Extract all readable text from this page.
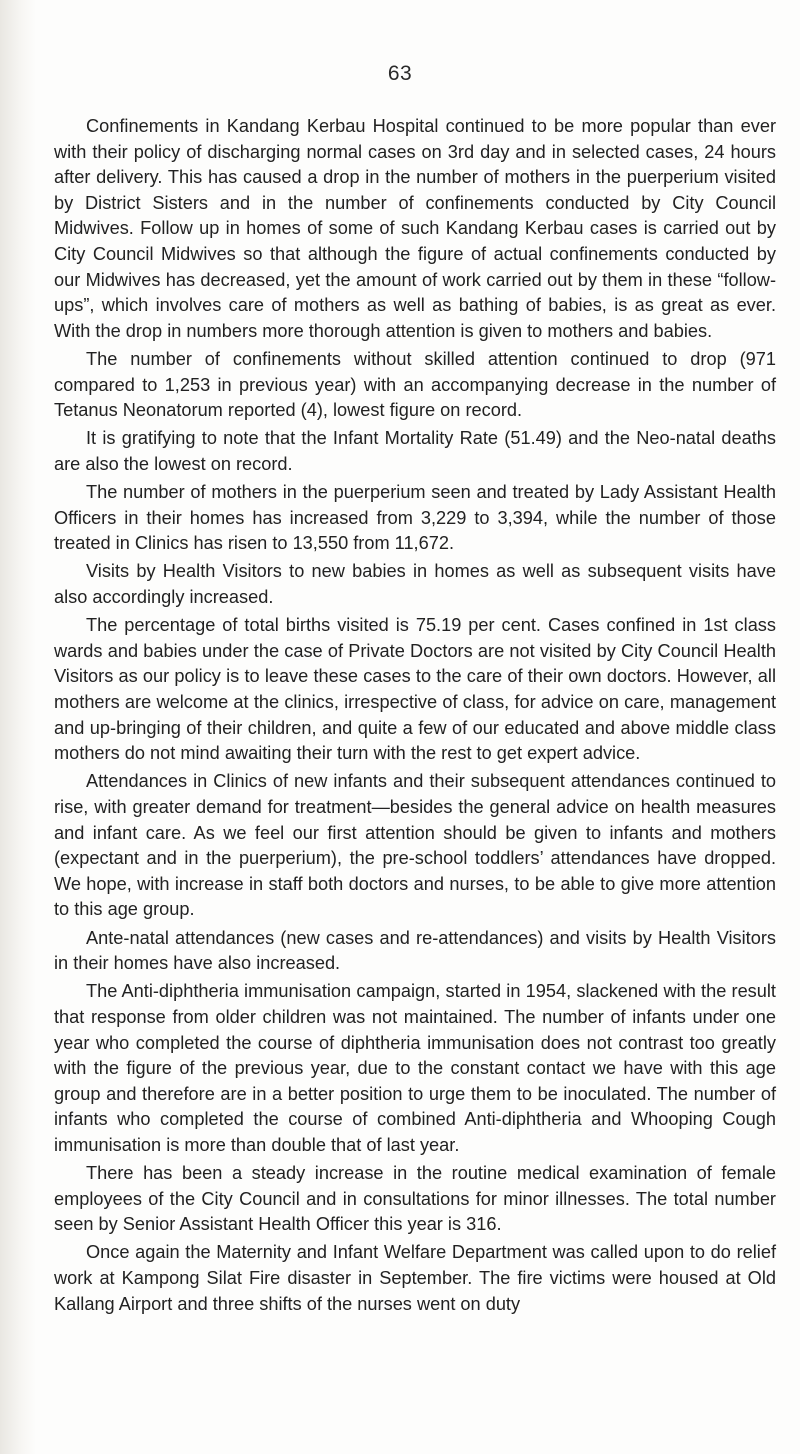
63

Confinements in Kandang Kerbau Hospital continued to be more popular than ever with their policy of discharging normal cases on 3rd day and in selected cases, 24 hours after delivery. This has caused a drop in the number of mothers in the puerperium visited by District Sisters and in the number of confinements conducted by City Council Midwives. Follow up in homes of some of such Kandang Kerbau cases is carried out by City Council Midwives so that although the figure of actual confinements conducted by our Midwives has decreased, yet the amount of work carried out by them in these “follow-ups”, which involves care of mothers as well as bathing of babies, is as great as ever. With the drop in numbers more thorough attention is given to mothers and babies.

The number of confinements without skilled attention continued to drop (971 compared to 1,253 in previous year) with an accompanying decrease in the number of Tetanus Neonatorum reported (4), lowest figure on record.

It is gratifying to note that the Infant Mortality Rate (51.49) and the Neo-natal deaths are also the lowest on record.

The number of mothers in the puerperium seen and treated by Lady Assistant Health Officers in their homes has increased from 3,229 to 3,394, while the number of those treated in Clinics has risen to 13,550 from 11,672.

Visits by Health Visitors to new babies in homes as well as subsequent visits have also accordingly increased.

The percentage of total births visited is 75.19 per cent. Cases confined in 1st class wards and babies under the case of Private Doctors are not visited by City Council Health Visitors as our policy is to leave these cases to the care of their own doctors. However, all mothers are welcome at the clinics, irrespective of class, for advice on care, management and up-bringing of their children, and quite a few of our educated and above middle class mothers do not mind awaiting their turn with the rest to get expert advice.

Attendances in Clinics of new infants and their subsequent attendances continued to rise, with greater demand for treatment—besides the general advice on health measures and infant care. As we feel our first attention should be given to infants and mothers (expectant and in the puerperium), the pre-school toddlers’ attendances have dropped. We hope, with increase in staff both doctors and nurses, to be able to give more attention to this age group.

Ante-natal attendances (new cases and re-attendances) and visits by Health Visitors in their homes have also increased.

The Anti-diphtheria immunisation campaign, started in 1954, slackened with the result that response from older children was not maintained. The number of infants under one year who completed the course of diphtheria immunisation does not contrast too greatly with the figure of the previous year, due to the constant contact we have with this age group and therefore are in a better position to urge them to be inoculated. The number of infants who completed the course of combined Anti-diphtheria and Whooping Cough immunisation is more than double that of last year.

There has been a steady increase in the routine medical examination of female employees of the City Council and in consultations for minor illnesses. The total number seen by Senior Assistant Health Officer this year is 316.

Once again the Maternity and Infant Welfare Department was called upon to do relief work at Kampong Silat Fire disaster in September. The fire victims were housed at Old Kallang Airport and three shifts of the nurses went on duty
